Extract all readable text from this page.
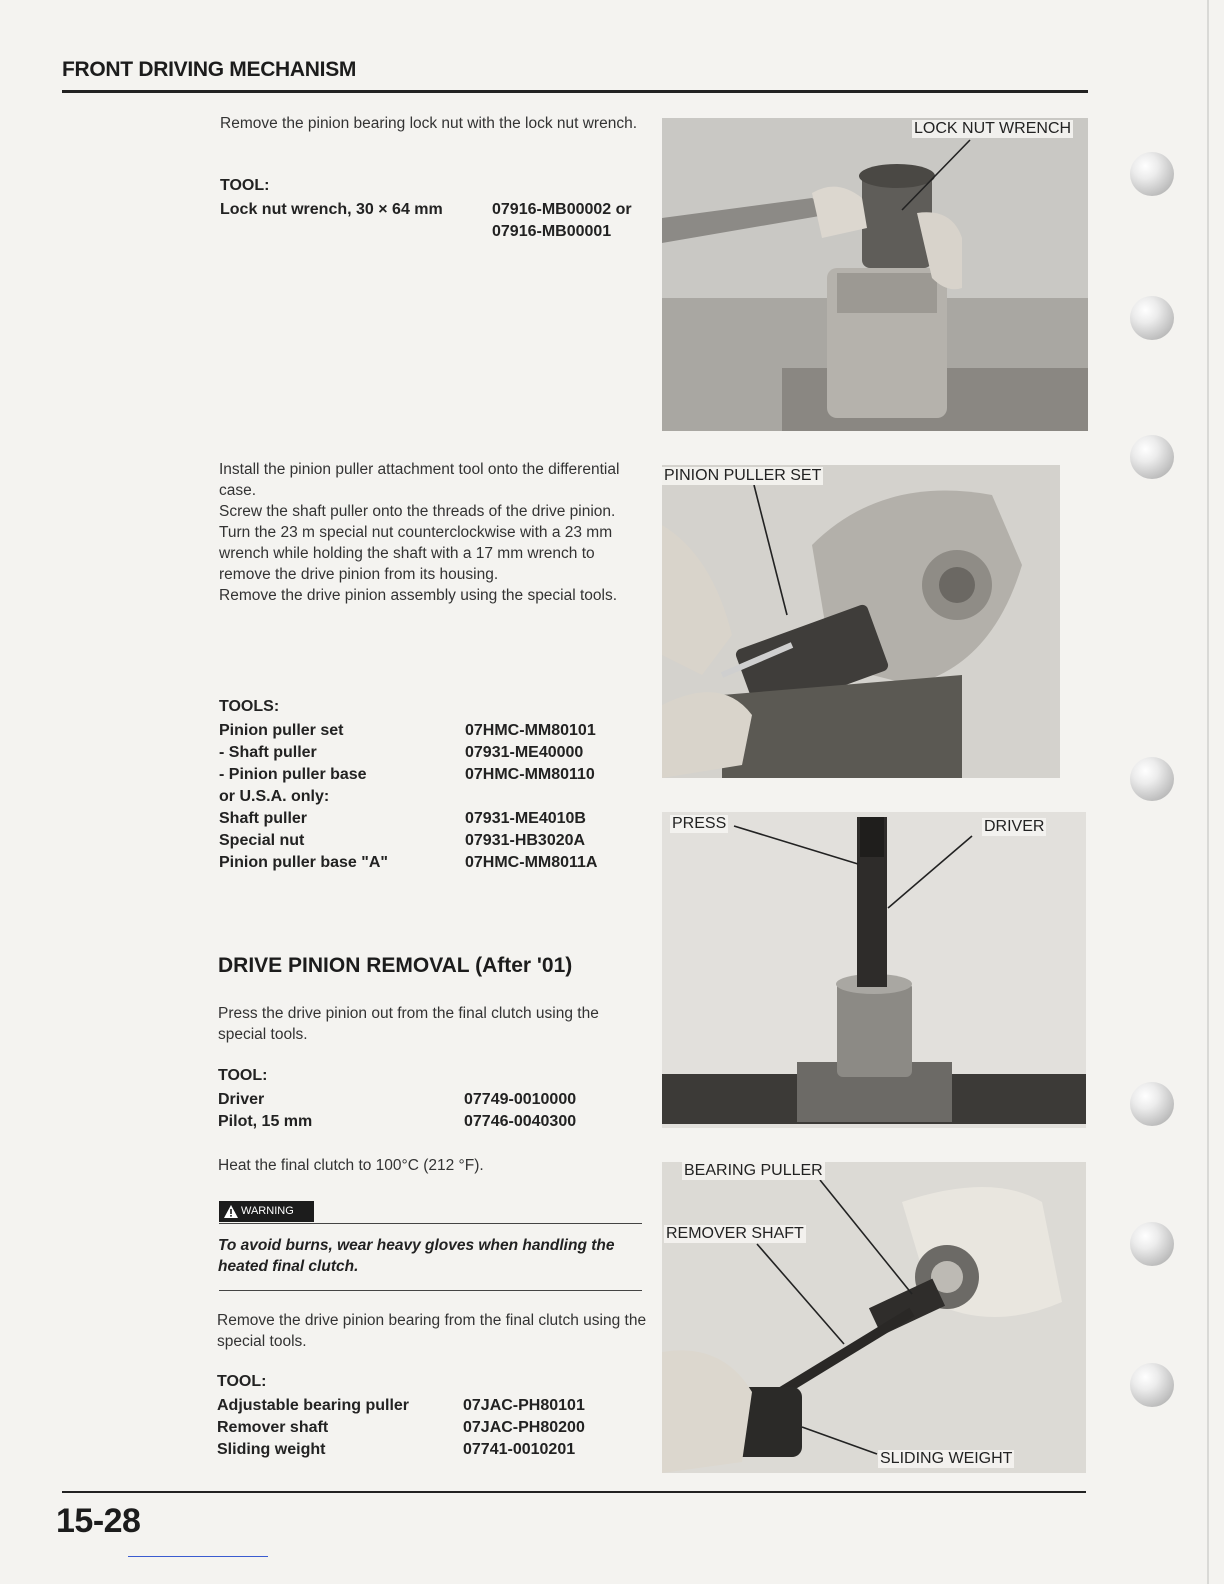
FRONT DRIVING MECHANISM
Remove the pinion bearing lock nut with the lock nut wrench.
TOOL:
Lock nut wrench, 30 × 64 mm	07916-MB00002 or
07916-MB00001
Install the pinion puller attachment tool onto the differential case.
Screw the shaft puller onto the threads of the drive pinion.
Turn the 23 m special nut counterclockwise with a 23 mm wrench while holding the shaft with a 17 mm wrench to remove the drive pinion from its housing.
Remove the drive pinion assembly using the special tools.
TOOLS:
Pinion puller set	07HMC-MM80101
- Shaft puller	07931-ME40000
- Pinion puller base	07HMC-MM80110
or U.S.A. only:
Shaft puller	07931-ME4010B
Special nut	07931-HB3020A
Pinion puller base "A"	07HMC-MM8011A
DRIVE PINION REMOVAL (After '01)
Press the drive pinion out from the final clutch using the special tools.
TOOL:
Driver	07749-0010000
Pilot, 15 mm	07746-0040300
Heat the final clutch to 100°C (212 °F).
WARNING
To avoid burns, wear heavy gloves when handling the heated final clutch.
Remove the drive pinion bearing from the final clutch using the special tools.
TOOL:
Adjustable bearing puller	07JAC-PH80101
Remover shaft	07JAC-PH80200
Sliding weight	07741-0010201
LOCK NUT WRENCH
PINION PULLER SET
PRESS	DRIVER
BEARING PULLER
REMOVER SHAFT
SLIDING WEIGHT
15-28
